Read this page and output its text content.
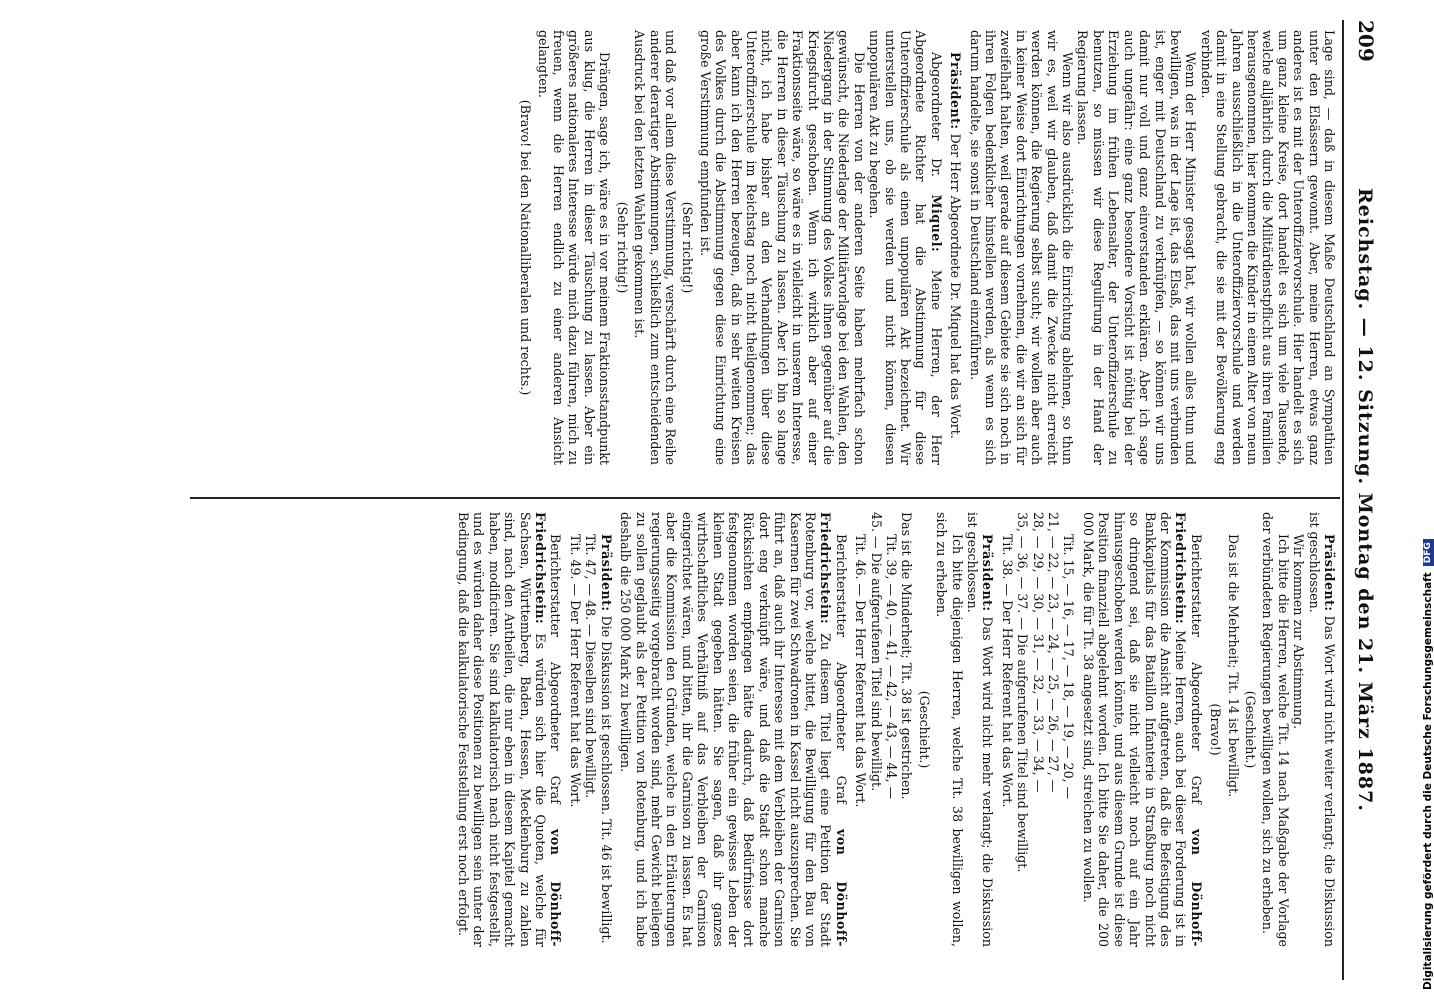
209
Reichstag. — 12. Sitzung. Montag den 21. März 1887.

Lage sind, — daß in diesem Maße Deutschland an Sympathien unter den Elsässern gewonnt. Aber, meine Herren, etwas ganz anderes ist es mit der Unteroffiziervorschule. Hier handelt es sich um ganz kleine Kreise, dort handelt es sich um viele Tausende, welche alljährlich durch die Militärdienstpflicht aus ihren Familien herausgenommen, hier kommen die Kinder in einem Alter von neun Jahren ausschließlich in die Unteroffiziervorschule und werden damit in eine Stellung gebracht, die sie mit der Bevölkerung eng verbinden.

Wenn der Herr Minister gesagt hat, wir wollen alles thun und bewilligen, was in der Lage ist, das Elsaß, das mit uns verbunden ist, enger mit Deutschland zu verknüpfen, — so können wir uns damit nur voll und ganz einverstanden erklären. Aber ich sage auch ungefähr: eine ganz besondere Vorsicht ist nöthig bei der Erziehung im frühen Lebensalter, der Unteroffizierschule zu benutzen, so müssen wir diese Regulirung in der Hand der Regierung lassen.

Wenn wir also ausdrücklich die Einrichtung ablehnen, so thun wir es, weil wir glauben, daß damit die Zwecke nicht erreicht werden können, die Regierung selbst sucht; wir wollen aber auch in keiner Weise dort Einrichtungen vornehmen, die wir an sich für zweifelhaft halten, weil gerade auf diesem Gebiete sie sich noch in ihren Folgen bedenklicher hinstellen werden, als wenn es sich darum handelte, sie sonst in Deutschland einzuführen.

Präsident: Der Herr Abgeordnete Dr. Miquel hat das Wort.

Abgeordneter Dr. Miquel: Meine Herren, der Herr Abgeordnete Richter hat die Abstimmung für diese Unteroffizierschule als einen unpopulären Akt bezeichnet. Wir unterstellen uns, ob sie werden und nicht können, diesen unpopulären Akt zu begehen.

Die Herren von der anderen Seite haben mehrfach schon gewünscht, die Niederlage der Militärvorlage bei den Wahlen, den Niedergang in der Stimmung des Volkes ihnen gegenüber auf die Kriegsfurcht geschoben. Wenn ich wirklich aber auf einer Fraktionsseite wäre, so wäre es in vielleicht in unserem Interesse, die Herren in dieser Täuschung zu lassen. Aber ich bin so lange nicht, ich habe bisher an den Verhandlungen über diese Unteroffizierschule im Reichstag noch nicht theilgenommen; das aber kann ich den Herren bezeugen, daß in sehr weiten Kreisen des Volkes durch die Abstimmung gegen diese Einrichtung eine große Verstimmung empfunden ist.

(Sehr richtig!)

und daß vor allem diese Verstimmung, verschärft durch eine Reihe anderer derartiger Abstimmungen, schließlich zum entscheidenden Ausdruck bei den letzten Wahlen gekommen ist.

(Sehr richtig!)

Drängen, sage ich, wäre es in vor meinem Fraktionsstandpunkt aus klug, die Herren in dieser Täuschung zu lassen. Aber ein größeres nationaleres Interesse würde mich dazu führen, mich zu freuen, wenn die Herren endlich zu einer anderen Ansicht gelangten.

(Bravo! bei den Nationalliberalen und rechts.)

Präsident: Das Wort wird nicht weiter verlangt; die Diskussion ist geschlossen.

Wir kommen zur Abstimmung.

Ich bitte die Herren, welche Tit. 14 nach Maßgabe der Vorlage der verbündeten Regierungen bewilligen wollen, sich zu erheben.

(Geschieht.)

Das ist die Mehrheit; Tit. 14 ist bewilligt.

(Bravo!)

Berichterstatter Abgeordneter Graf von Dönhoff-Friedrichstein: Meine Herren, auch bei dieser Forderung ist in der Kommission die Ansicht aufgetreten, daß die Befestigung des Bankkapitals für das Bataillon Infanterie in Straßburg noch nicht so dringend sei, daß sie nicht vielleicht noch auf ein Jahr hinausgeschoben werden könnte, und aus diesem Grunde ist diese Position finanziell abgelehnt worden. Ich bitte Sie daher, die 200 000 Mark, die für Tit. 38 angesetzt sind, streichen zu wollen.

Tit. 15, — 16, — 17, — 18, — 19, — 20, —

21, — 22, — 23, — 24, — 25, — 26, — 27, —

28, — 29, — 30, — 31, — 32, — 33, — 34, —

35, — 36, — 37. — Die aufgerufenen Titel sind bewilligt.

Tit. 38. — Der Herr Referent hat das Wort.

Präsident: Das Wort wird nicht mehr verlangt; die Diskussion ist geschlossen.

Ich bitte diejenigen Herren, welche Tit. 38 bewilligen wollen, sich zu erheben.

(Geschieht.)

Das ist die Minderheit; Tit. 38 ist gestrichen.

Tit. 39, — 40, — 41, — 42, — 43, — 44, —

45. — Die aufgerufenen Titel sind bewilligt.

Tit. 46. — Der Herr Referent hat das Wort.

Berichterstatter Abgeordneter Graf von Dönhoff-Friedrichstein: Zu diesem Titel liegt eine Petition der Stadt Rotenburg vor, welche bittet, die Bewilligung für den Bau von Kasernen für zwei Schwadronen in Kassel nicht auszusprechen. Sie führt an, daß auch ihr Interesse mit dem Verbleiben der Garnison dort eng verknüpft wäre, und daß die Stadt schon manche Rücksichten empfangen hätte dadurch, daß Bedürfnisse dort festgenommen worden seien, die früher ein gewisses Leben der kleinen Stadt gegeben hätten. Sie sagen, daß ihr ganzes wirthschaftliches Verhältniß auf das Verbleiben der Garnison eingerichtet wären, und bitten, ihr die Garnison zu lassen. Es hat aber die Kommission den Gründen, welche in den Erläuterungen regierungsseitig vorgebracht worden sind, mehr Gewicht beilegen zu sollen geglaubt als der Petition von Rotenburg, und ich habe deshalb die 250 000 Mark zu bewilligen.

Präsident: Die Diskussion ist geschlossen. Tit. 46 ist bewilligt.

Tit. 47, — 48. — Dieselben sind bewilligt.

Tit. 49. — Der Herr Referent hat das Wort.

Berichterstatter Abgeordneter Graf von Dönhoff-Friedrichstein: Es würden sich hier die Quoten, welche für Sachsen, Württemberg, Baden, Hessen, Mecklenburg zu zahlen sind, nach den Antheilen, die nur eben in diesem Kapitel gemacht haben, modificiren. Sie sind kalkulatorisch nach nicht festgestellt, und es würden daher diese Positionen zu bewilligen sein unter der Bedingung, daß die kalkulatorische Feststellung erst noch erfolgt.	Digitalisierung gefördert durch die Deutsche ForschungsgemeinschaftDFG
